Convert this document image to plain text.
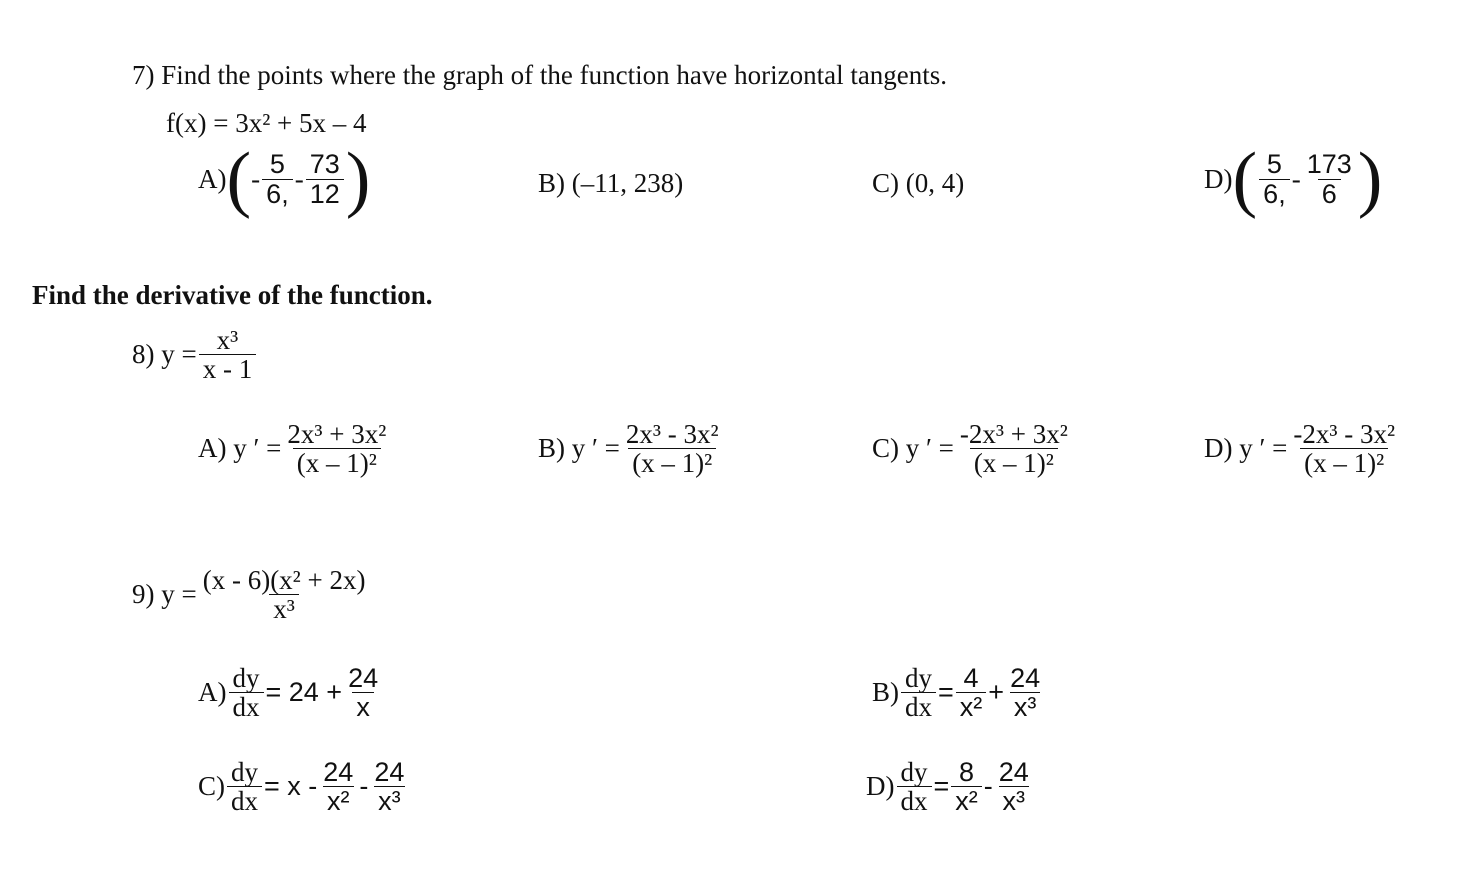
7) Find the points where the graph of the function have horizontal tangents.
f(x) = 3x² + 5x – 4
A) ( - $\frac{5}{6,} - \frac{73}{12}$ )	B) (–11, 238)	C) (0, 4)	D) ( $\frac{5}{6,} - \frac{173}{6}$ )
Find the derivative of the function.
8) $y = \frac{\text{x³}}{x - 1}$
A) y ′ = $\frac{\text{2x³ + 3x²}}{\text{(x – 1)²}}$	B) y ′ = $\frac{\text{2x³ - 3x²}}{\text{(x – 1)²}}$	C) y ′ = $\frac{\text{-2x³ + 3x²}}{\text{(x – 1)²}}$	D) y ′ = $\frac{\text{-2x³ - 3x²}}{\text{(x – 1)²}}$
9) $y = \frac{\text{(x - 6)(x² + 2x)}}{\text{x³}}$
$A) \frac{dy}{dx} = 24 + \frac{24}{x}$	$B) \frac{dy}{dx} = \frac{4}{\text{x²}} + \frac{24}{\text{x³}}$
$C) \frac{dy}{dx} = x - \frac{24}{\text{x²}} - \frac{24}{\text{x³}}$	$D) \frac{dy}{dx} = \frac{8}{\text{x²}} - \frac{24}{\text{x³}}$
